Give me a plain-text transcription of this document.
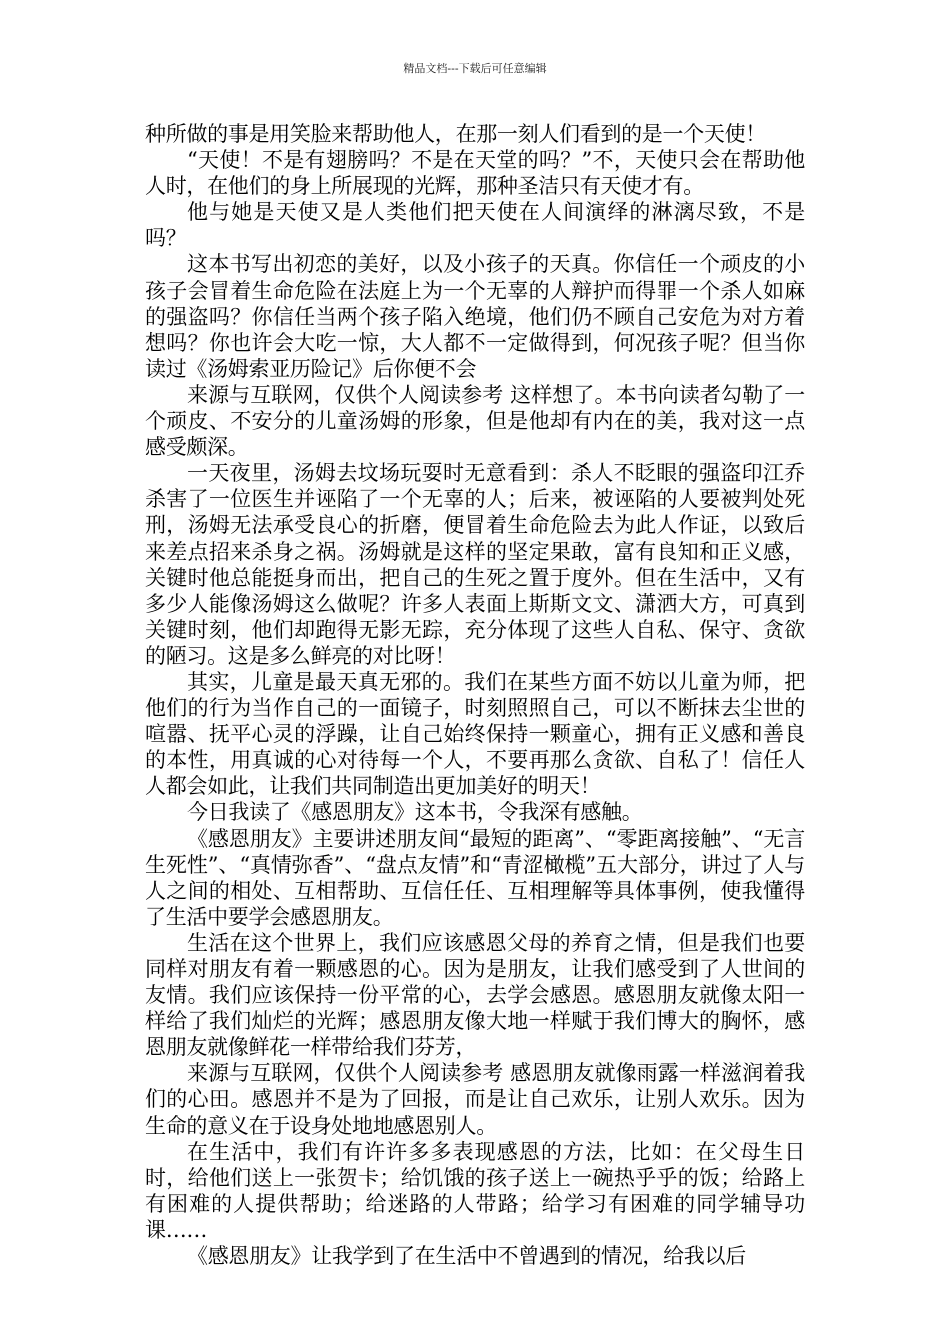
精品文档---下载后可任意编辑

种所做的事是用笑脸来帮助他人，在那一刻人们看到的是一个天使！

“天使！不是有翅膀吗？不是在天堂的吗？”不，天使只会在帮助他人时，在他们的身上所展现的光辉，那种圣洁只有天使才有。

他与她是天使又是人类他们把天使在人间演绎的淋漓尽致，不是吗？

这本书写出初恋的美好，以及小孩子的天真。你信任一个顽皮的小孩子会冒着生命危险在法庭上为一个无辜的人辩护而得罪一个杀人如麻的强盗吗？你信任当两个孩子陷入绝境，他们仍不顾自己安危为对方着想吗？你也许会大吃一惊，大人都不一定做得到，何况孩子呢？但当你读过《汤姆索亚历险记》后你便不会

来源与互联网，仅供个人阅读参考 这样想了。本书向读者勾勒了一个顽皮、不安分的儿童汤姆的形象，但是他却有内在的美，我对这一点感受颇深。

一天夜里，汤姆去坟场玩耍时无意看到：杀人不眨眼的强盗印江乔杀害了一位医生并诬陷了一个无辜的人；后来，被诬陷的人要被判处死刑，汤姆无法承受良心的折磨，便冒着生命危险去为此人作证，以致后来差点招来杀身之祸。汤姆就是这样的坚定果敢，富有良知和正义感，关键时他总能挺身而出，把自己的生死之置于度外。但在生活中，又有多少人能像汤姆这么做呢？许多人表面上斯斯文文、潇洒大方，可真到关键时刻，他们却跑得无影无踪，充分体现了这些人自私、保守、贪欲的陋习。这是多么鲜亮的对比呀！

其实，儿童是最天真无邪的。我们在某些方面不妨以儿童为师，把他们的行为当作自己的一面镜子，时刻照照自己，可以不断抹去尘世的喧嚣、抚平心灵的浮躁，让自己始终保持一颗童心，拥有正义感和善良的本性，用真诚的心对待每一个人，不要再那么贪欲、自私了！信任人人都会如此，让我们共同制造出更加美好的明天！

今日我读了《感恩朋友》这本书，令我深有感触。

《感恩朋友》主要讲述朋友间“最短的距离”、“零距离接触”、“无言生死性”、“真情弥香”、“盘点友情”和“青涩橄榄”五大部分，讲过了人与人之间的相处、互相帮助、互信任任、互相理解等具体事例，使我懂得了生活中要学会感恩朋友。

生活在这个世界上，我们应该感恩父母的养育之情，但是我们也要同样对朋友有着一颗感恩的心。因为是朋友，让我们感受到了人世间的友情。我们应该保持一份平常的心，去学会感恩。感恩朋友就像太阳一样给了我们灿烂的光辉；感恩朋友像大地一样赋于我们博大的胸怀，感恩朋友就像鲜花一样带给我们芬芳，

来源与互联网，仅供个人阅读参考 感恩朋友就像雨露一样滋润着我们的心田。感恩并不是为了回报，而是让自己欢乐，让别人欢乐。因为生命的意义在于设身处地地感恩别人。

在生活中，我们有许许多多表现感恩的方法，比如：在父母生日时，给他们送上一张贺卡；给饥饿的孩子送上一碗热乎乎的饭；给路上有困难的人提供帮助；给迷路的人带路；给学习有困难的同学辅导功课……

《感恩朋友》让我学到了在生活中不曾遇到的情况，给我以后
